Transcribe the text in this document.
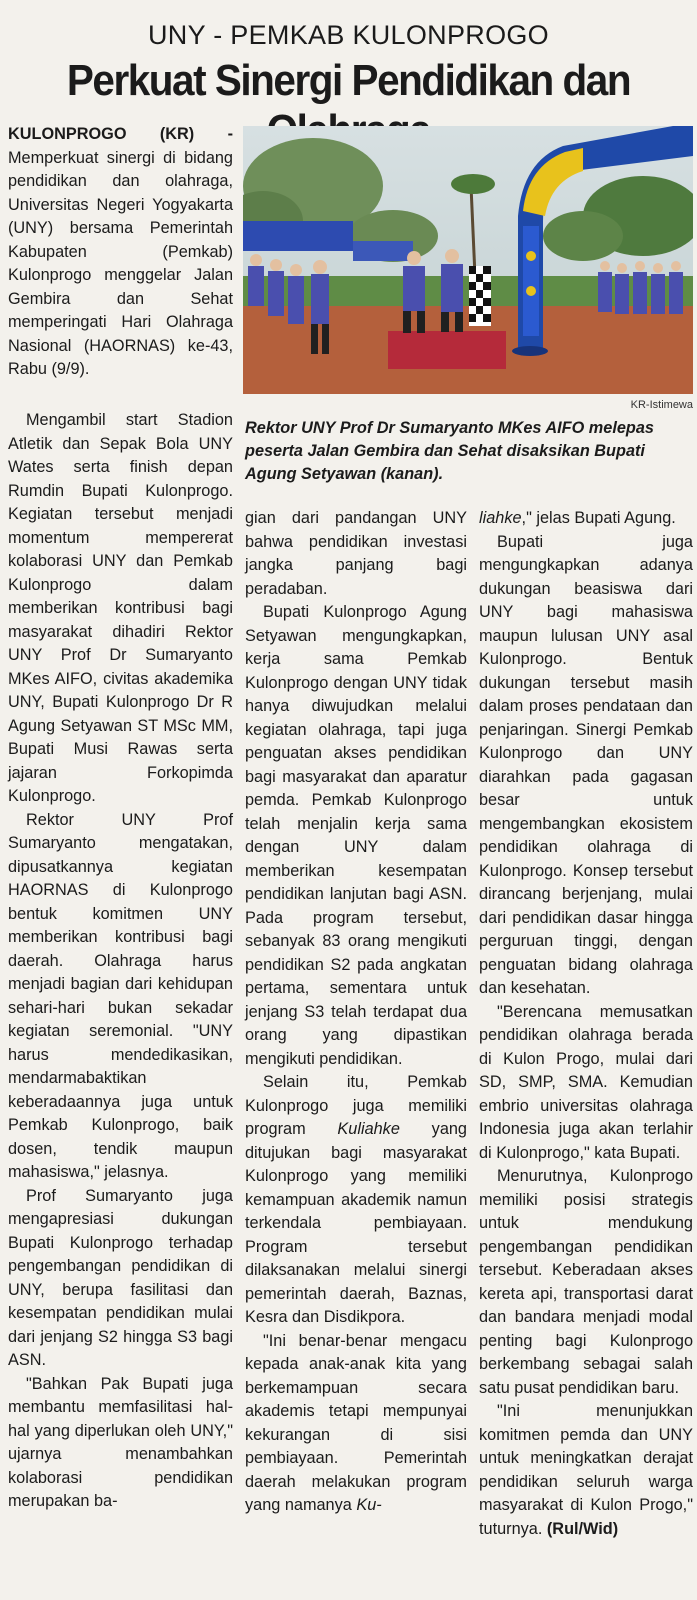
UNY - PEMKAB KULONPROGO
Perkuat Sinergi Pendidikan dan

KULONPROGO (KR) - Memperkuat sinergi di bidang pendidikan dan olahraga, Universitas Negeri Yogyakarta (UNY) bersama Pemerintah Kabupaten (Pemkab) Kulonprogo menggelar Jalan Gembira dan Sehat memperingati Hari Olahraga Nasional (HAORNAS) ke-43, Rabu (9/9).

KR-Istimewa
Rektor UNY Prof Dr Sumaryanto MKes AIFO melepas peserta Jalan Gembira dan Sehat disaksikan Bupati Agung Setyawan (kanan).

Mengambil start Stadion Atletik dan Sepak Bola UNY Wates serta finish depan Rumdin Bupati Kulonprogo. Kegiatan tersebut menjadi momentum mempererat kolaborasi UNY dan Pemkab Kulonprogo dalam memberikan kontribusi bagi masyarakat dihadiri Rektor UNY Prof Dr Sumaryanto MKes AIFO, civitas akademika UNY, Bupati Kulonprogo Dr R Agung Setyawan ST MSc MM, Bupati Musi Rawas serta jajaran Forkopimda Kulonprogo.

Rektor UNY Prof Sumaryanto mengatakan, dipusatkannya kegiatan HAORNAS di Kulonprogo bentuk komitmen UNY memberikan kontribusi bagi daerah. Olahraga harus menjadi bagian dari kehidupan sehari-hari bukan sekadar kegiatan seremonial. "UNY harus mendedikasikan, mendarmabaktikan keberadaannya juga untuk Pemkab Kulonprogo, baik dosen, tendik maupun mahasiswa," jelasnya.

Prof Sumaryanto juga mengapresiasi dukungan Bupati Kulonprogo terhadap pengembangan pendidikan di UNY, berupa fasilitasi dan kesempatan pendidikan mulai dari jenjang S2 hingga S3 bagi ASN.

"Bahkan Pak Bupati juga membantu memfasilitasi hal-hal yang diperlukan oleh UNY," ujarnya menambahkan kolaborasi pendidikan merupakan ba-

gian dari pandangan UNY bahwa pendidikan investasi jangka panjang bagi peradaban.

Bupati Kulonprogo Agung Setyawan mengungkapkan, kerja sama Pemkab Kulonprogo dengan UNY tidak hanya diwujudkan melalui kegiatan olahraga, tapi juga penguatan akses pendidikan bagi masyarakat dan aparatur pemda. Pemkab Kulonprogo telah menjalin kerja sama dengan UNY dalam memberikan kesempatan pendidikan lanjutan bagi ASN. Pada program tersebut, sebanyak 83 orang mengikuti pendidikan S2 pada angkatan pertama, sementara untuk jenjang S3 telah terdapat dua orang yang dipastikan mengikuti pendidikan.

Selain itu, Pemkab Kulonprogo juga memiliki program Kuliahke yang ditujukan bagi masyarakat Kulonprogo yang memiliki kemampuan akademik namun terkendala pembiayaan. Program tersebut dilaksanakan melalui sinergi pemerintah daerah, Baznas, Kesra dan Disdikpora.

"Ini benar-benar mengacu kepada anak-anak kita yang berkemampuan secara akademis tetapi mempunyai kekurangan di sisi pembiayaan. Pemerintah daerah melakukan program yang namanya Ku-

liahke," jelas Bupati Agung.

Bupati juga mengungkapkan adanya dukungan beasiswa dari UNY bagi mahasiswa maupun lulusan UNY asal Kulonprogo. Bentuk dukungan tersebut masih dalam proses pendataan dan penjaringan. Sinergi Pemkab Kulonprogo dan UNY diarahkan pada gagasan besar untuk mengembangkan ekosistem pendidikan olahraga di Kulonprogo. Konsep tersebut dirancang berjenjang, mulai dari pendidikan dasar hingga perguruan tinggi, dengan penguatan bidang olahraga dan kesehatan.

"Berencana memusatkan pendidikan olahraga berada di Kulon Progo, mulai dari SD, SMP, SMA. Kemudian embrio universitas olahraga Indonesia juga akan terlahir di Kulonprogo," kata Bupati.

Menurutnya, Kulonprogo memiliki posisi strategis untuk mendukung pengembangan pendidikan tersebut. Keberadaan akses kereta api, transportasi darat dan bandara menjadi modal penting bagi Kulonprogo berkembang sebagai salah satu pusat pendidikan baru.

"Ini menunjukkan komitmen pemda dan UNY untuk meningkatkan derajat pendidikan seluruh warga masyarakat di Kulon Progo," tuturnya. (Rul/Wid)
